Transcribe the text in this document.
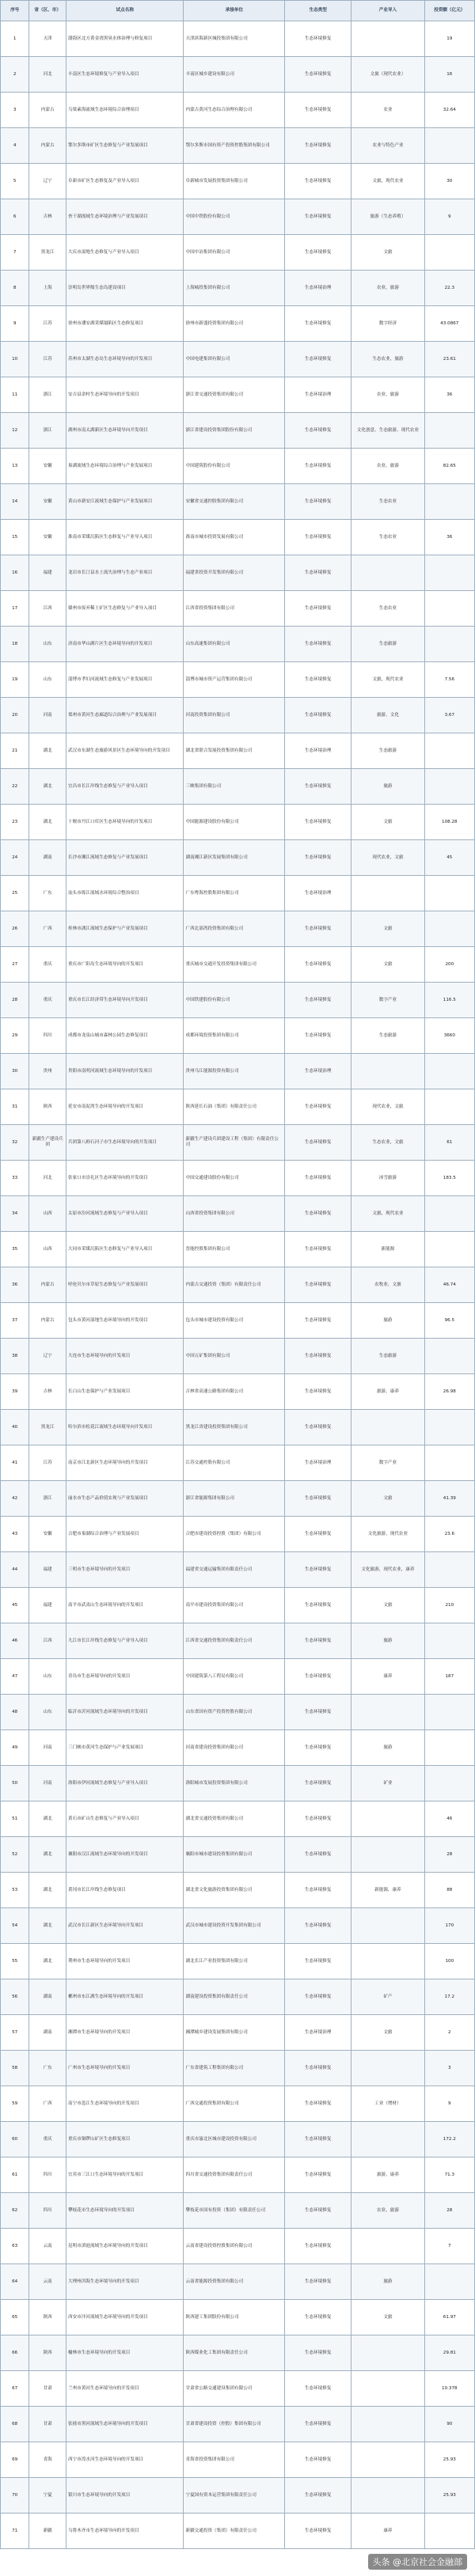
序号	省（区、市）	试点名称	承接单位	生态类型	产业导入	投资额（亿元）
1	天津	渤海区北方黄金湾黑臭水体治理与修复项目	天津滨海新区城投集团有限公司	生态环境修复		19
2	河北	丰南区生态环境修复与产业导入项目	丰南区城乡建设有限公司	生态环境修复	文旅（现代农业）	16
3	内蒙古	乌梁素海流域生态环境综合治理项目	内蒙古黄河生态综合治理有限公司	生态环境修复	农业	32.64
4	内蒙古	鄂尔多斯市矿区生态修复与产业发展项目	鄂尔多斯市国有资产投资控股集团有限公司	生态环境修复	农业与特色产业	
5	辽宁	阜新市矿区生态修复及产业导入项目	阜新城市发展投资集团有限公司	生态环境修复	文旅，现代农业	30
6	吉林	查干湖流域生态环境治理与产业发展项目	中国中铁股份有限公司	生态环境修复	旅游（生态养殖）	9
7	黑龙江	大庆市湿地生态修复与产业导入项目	中国中冶集团有限公司	生态环境修复	文旅	
8	上海	崇明岛世界级生态岛建设项目	上海城投集团有限公司	生态环境治理	农业，旅游	22.3
9	江苏	徐州市潘安湖采煤塌陷区生态修复项目	徐州市新盛投资集团有限公司	生态环境修复	数字经济	43.0867
10	江苏	苏州市太湖生态岛生态环境导向的开发项目	中国电建集团有限公司	生态环境修复	生态农业，旅游	23.61
11	浙江	安吉县余村生态环境导向的开发项目	浙江省交通投资集团有限公司	生态环境治理	农业，旅游	36
12	浙江	湖州市南太湖新区生态环境导向开发项目	浙江省建设投资集团股份有限公司	生态环境修复	文化创意，生态旅游，现代农业	
13	安徽	巢湖流域生态环境综合治理与产业发展项目	中国建筑股份有限公司	生态环境修复	农业，旅游	82.65
14	安徽	黄山市新安江流域生态保护与产业发展项目	安徽省交通控股集团有限公司	生态环境修复	生态农业	
15	安徽	淮南市采煤沉陷区生态修复与产业导入项目	淮南市城市投资发展有限公司	生态环境修复	生态农业	36
16	福建	龙岩市长汀县水土流失治理与生态产业项目	福建省投资开发集团有限公司	生态环境修复		
17	江西	赣州市废弃稀土矿区生态修复与产业导入项目	江西省投资集团有限公司	生态环境修复	生态农业	
18	山东	济南市华山湖片区生态环境导向的开发项目	山东高速集团有限公司	生态环境修复	生态旅游	
19	山东	淄博市孝妇河流域生态修复与产业发展项目	淄博市城市资产运营集团有限公司	生态环境修复	文旅，现代农业	7.56
20	河南	郑州市黄河生态廊道综合治理与产业发展项目	河南投资集团有限公司	生态环境修复	旅游，文化	3.67
21	湖北	武汉市东湖生态旅游风景区生态环境导向的开发项目	湖北省联合发展投资集团有限公司	生态环境治理	生态旅游	
22	湖北	宜昌市长江岸线生态修复与产业导入项目	三峡集团有限公司	生态环境修复	旅游	
23	湖北	十堰市丹江口库区生态环境导向的开发项目	中国能源建设股份有限公司	生态环境修复	文旅	108.28
24	湖南	长沙市湘江流域生态修复与产业发展项目	湖南湘江新区发展集团有限公司	生态环境修复	现代农业，文旅	45
25	广东	汕头市练江流域水环境综合整治项目	广东粤海控股集团有限公司	生态环境治理		
26	广西	桂林市漓江流域生态保护与产业发展项目	广西北部湾投资集团有限公司	生态环境修复	文旅	
27	重庆	重庆市广阳岛生态环境导向的开发项目	重庆城市交通开发投资集团有限公司	生态环境修复	文旅	200
28	重庆	重庆市长江经济带生态环境导向开发项目	中国铁建股份有限公司	生态环境修复	数字产业	116.5
29	四川	成都市龙泉山城市森林公园生态修复项目	成都环境投资集团有限公司	生态环境修复	生态旅游	3660
30	贵州	贵阳市南明河流域生态环境导向的开发项目	贵州乌江能源投资有限公司	生态环境治理		
31	陕西	延安市南泥湾生态环境导向的开发项目	陕西延长石油（集团）有限责任公司	生态环境修复	现代农业，文旅	
32	新疆生产建设兵团	兵团第八师石河子市生态环境导向的开发项目	新疆生产建设兵团建设工程（集团）有限责任公司	生态环境修复	生态农业，文旅	61
33	河北	张家口市崇礼区生态环境导向的开发项目	中国交通建设股份有限公司	生态环境修复	冰雪旅游	183.5
34	山西	太原市汾河流域生态修复与产业导入项目	山西省投资集团有限公司	生态环境修复	文旅，现代农业	
35	山西	大同市采煤沉陷区生态修复与产业导入项目	晋能控股集团有限公司	生态环境修复	新能源	
36	内蒙古	呼伦贝尔市草原生态修复与产业发展项目	内蒙古交通投资（集团）有限责任公司	生态环境修复	农牧业，文旅	46.74
37	内蒙古	包头市黄河湿地生态环境导向的开发项目	包头市城市建设投资有限公司	生态环境修复	旅游	96.5
38	辽宁	大连市生态环境导向的开发项目	中国五矿集团有限公司	生态环境修复	生态旅游	
39	吉林	长白山生态保护与产业发展项目	吉林省高速公路集团有限公司	生态环境修复	旅游，康养	26.98
40	黑龙江	哈尔滨市松花江流域生态环境导向开发项目	黑龙江省建设投资集团有限公司	生态环境修复		
41	江苏	南京市江北新区生态环境导向的开发项目	江苏交通控股有限公司	生态环境治理	数字产业	
42	浙江	丽水市生态产品价值实现与产业发展项目	浙江省能源集团有限公司	生态环境修复	文旅	41.39
43	安徽	合肥市巢湖综合治理与产业发展项目	合肥市建设投资控股（集团）有限公司	生态环境修复	文化旅游，现代农业	23.6
44	福建	三明市生态环境导向的开发项目	福建省交通运输集团有限责任公司	生态环境修复	文化旅游，现代农业，康养	
45	福建	南平市武夷山生态环境导向的开发项目	南平市建设投资集团有限公司	生态环境修复	文旅	210
46	江西	九江市长江岸线生态修复与产业导入项目	江西省交通投资集团有限责任公司	生态环境修复	旅游	
47	山东	青岛市生态环境导向的开发项目	中国建筑第八工程局有限公司	生态环境修复	康养	187
48	山东	临沂市沂河流域生态环境导向的开发项目	山东省国有资产投资控股有限公司	生态环境修复		
49	河南	三门峡市黄河生态保护与产业发展项目	河南省建设投资集团有限公司	生态环境修复	旅游	
50	河南	洛阳市伊河流域生态修复与产业导入项目	洛阳城市发展投资集团有限公司	生态环境修复	矿业	
51	湖北	黄石市矿山生态修复与产业导入项目	湖北省交通投资集团有限公司	生态环境修复		46
52	湖北	襄阳市汉江流域生态环境导向的开发项目	襄阳市城市建设投资集团有限公司	生态环境修复		28
53	湖北	黄冈市长江岸线生态修复项目	湖北省文化旅游投资集团有限公司	生态环境修复	新能源，康养	88
54	湖北	武汉市长江新区生态环境导向开发项目	武汉市城市建设投资开发集团有限公司	生态环境修复		170
55	湖北	荆州市生态环境导向的开发项目	湖北长江产业投资集团有限公司	生态环境修复		100
56	湖南	郴州市东江湖生态环境导向的开发项目	湖南建设投资集团有限责任公司	生态环境修复	矿产	17.2
57	湖南	湘潭市生态环境导向的开发项目	湘潭城乡建设发展集团有限公司	生态环境治理	文旅	2
58	广东	广州市生态环境导向的开发项目	广东省建筑工程集团有限公司	生态环境修复		3
59	广西	南宁市邕江生态环境导向的开发项目	广西交通投资集团有限公司	生态环境修复	工业（增材）	9
60	重庆	重庆市铜锣山矿区生态修复项目	重庆市渝北区城市建设投资有限公司	生态环境修复		172.2
61	四川	宜宾市三江口生态环境导向的开发项目	四川省交通投资集团有限责任公司	生态环境修复	旅游，康养	71.3
62	四川	攀枝花市生态环境导向的开发项目	攀枝花市国有投资（集团）有限责任公司	生态环境修复	农业，旅游	28
63	云南	昆明市滇池流域生态环境导向的开发项目	云南省建设投资控股集团有限公司	生态环境修复		7
64	云南	大理州洱海生态环境导向的开发项目	云南省能源投资集团有限公司	生态环境修复	旅游	
65	陕西	西安市沣河流域生态环境导向的开发项目	陕西建工集团股份有限公司	生态环境修复	文旅	61.97
66	陕西	榆林市生态环境导向的开发项目	陕西煤业化工集团有限责任公司	生态环境修复		29.81
67	甘肃	兰州市黄河生态环境导向的开发项目	甘肃省公路交通建设集团有限公司	生态环境修复		10.378
68	甘肃	张掖市黑河流域生态环境导向的开发项目	甘肃省建设投资（控股）集团有限公司	生态环境修复		90
69	青海	西宁市湟水河生态环境导向的开发项目	青海省投资集团有限公司	生态环境修复		25.93
70	宁夏	银川市生态环境导向的开发项目	宁夏国有资本运营集团有限责任公司	生态环境修复		25.93
71	新疆	乌鲁木齐市生态环境导向的开发项目	新疆交通投资（集团）有限责任公司	生态环境修复	康养	
头条 @北京社会金融部
